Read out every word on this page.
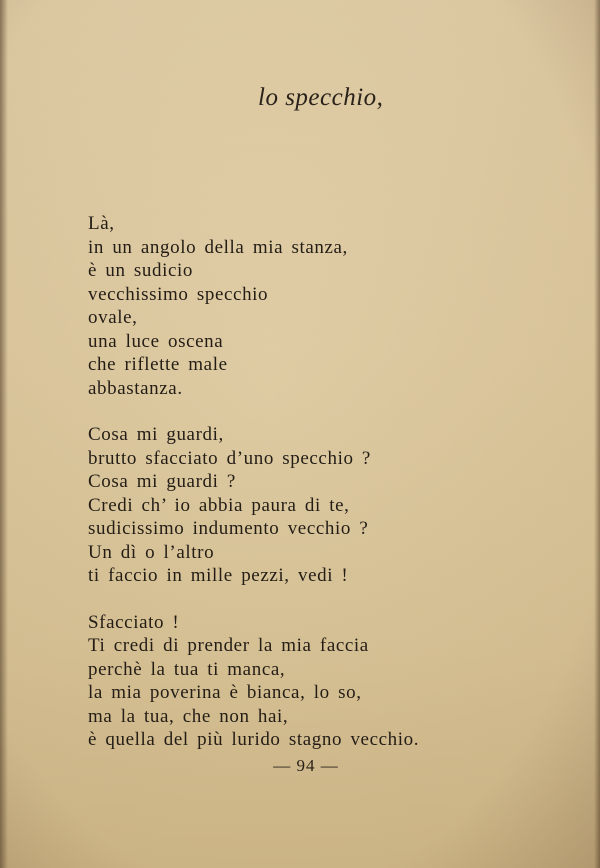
lo specchio,
Là,
in un angolo della mia stanza,
è un sudicio
vecchissimo specchio
ovale,
una luce oscena
che riflette male
abbastanza.
Cosa mi guardi,
brutto sfacciato d’uno specchio ?
Cosa mi guardi ?
Credi ch’ io abbia paura di te,
sudicissimo indumento vecchio ?
Un dì o l’altro
ti faccio in mille pezzi, vedi !
Sfacciato !
Ti credi di prender la mia faccia
perchè la tua ti manca,
la mia poverina è bianca, lo so,
ma la tua, che non hai,
è quella del più lurido stagno vecchio.
— 94 —
